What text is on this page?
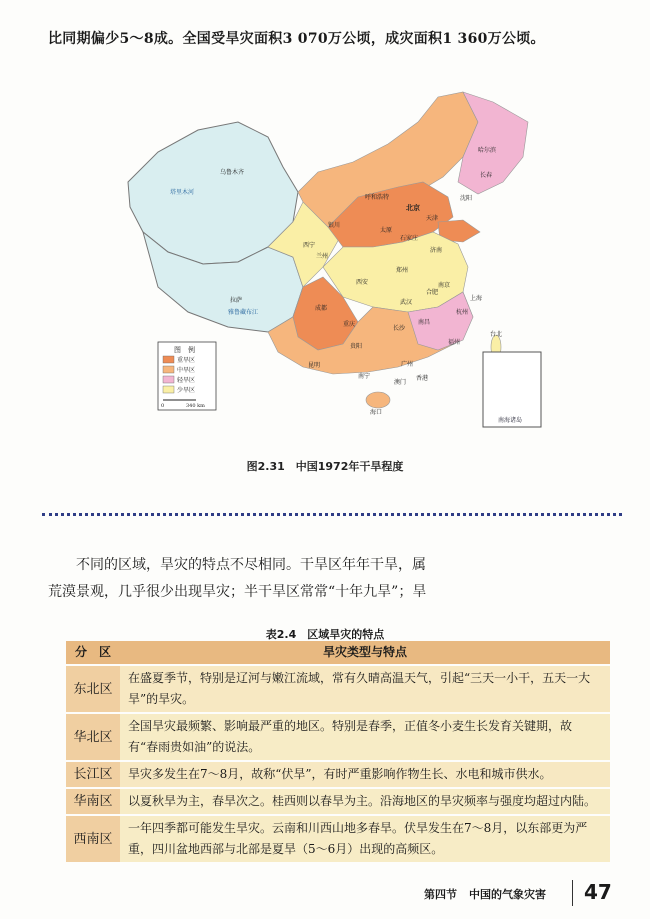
比同期偏少5～8成。全国受旱灾面积3 070万公顷，成灾面积1 360万公顷。
南海诸岛
图　例
重旱区
中旱区
轻旱区
少旱区
0	340 km
哈尔滨
长春
沈阳
乌鲁木齐
呼和浩特
北京
天津
银川
太原
石家庄
济南
西宁
兰州
郑州
西安
合肥
南京
上海
武汉
杭州
成都
重庆
长沙
南昌
福州
贵阳
台北
拉萨
昆明
南宁
广州
香港
澳门
海口
塔里木河
雅鲁藏布江
图2.31　中国1972年干旱程度

不同的区域，旱灾的特点不尽相同。干旱区年年干旱，属

荒漠景观，几乎很少出现旱灾；半干旱区常常“十年九旱”；旱

表2.4　区域旱灾的特点
分　区	旱灾类型与特点
东北区	在盛夏季节，特别是辽河与嫩江流域，常有久晴高温天气，引起“三天一小干，五天一大旱”的旱灾。
华北区	全国旱灾最频繁、影响最严重的地区。特别是春季，正值冬小麦生长发育关键期，故有“春雨贵如油”的说法。
长江区	旱灾多发生在7～8月，故称“伏旱”，有时严重影响作物生长、水电和城市供水。
华南区	以夏秋旱为主，春旱次之。桂西则以春旱为主。沿海地区的旱灾频率与强度均超过内陆。
西南区	一年四季都可能发生旱灾。云南和川西山地多春旱。伏旱发生在7～8月，以东部更为严重，四川盆地西部与北部是夏旱（5～6月）出现的高频区。
第四节 中国的气象灾害	47
